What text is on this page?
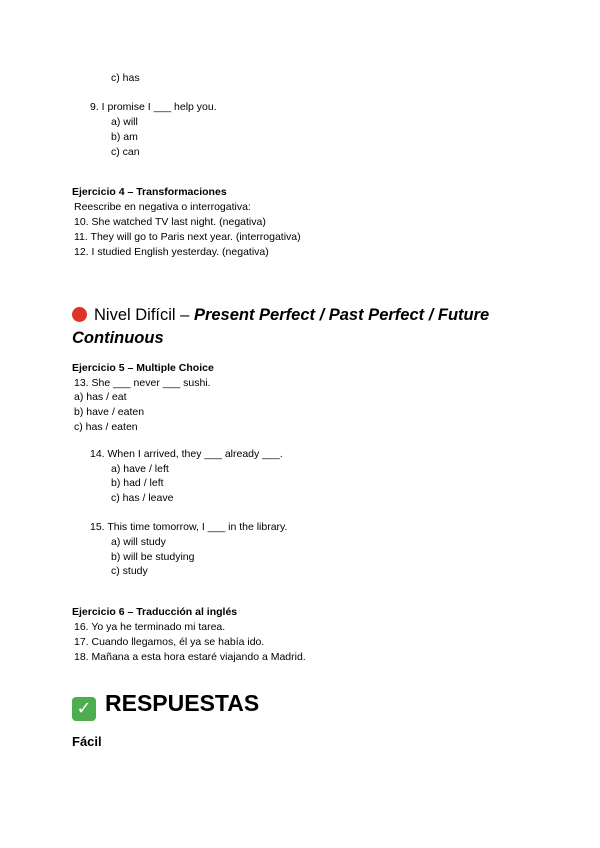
c) has
9. I promise I ___ help you.
a) will
b) am
c) can
Ejercicio 4 – Transformaciones
Reescribe en negativa o interrogativa:
10. She watched TV last night. (negativa)
11. They will go to Paris next year. (interrogativa)
12. I studied English yesterday. (negativa)
Nivel Difícil – Present Perfect / Past Perfect / Future
Continuous
Ejercicio 5 – Multiple Choice
13. She ___ never ___ sushi.
a) has / eat
b) have / eaten
c) has / eaten
14. When I arrived, they ___ already ___.
a) have / left
b) had / left
c) has / leave
15. This time tomorrow, I ___ in the library.
a) will study
b) will be studying
c) study
Ejercicio 6 – Traducción al inglés
16. Yo ya he terminado mi tarea.
17. Cuando llegamos, él ya se había ido.
18. Mañana a esta hora estaré viajando a Madrid.
✓ RESPUESTAS
Fácil
